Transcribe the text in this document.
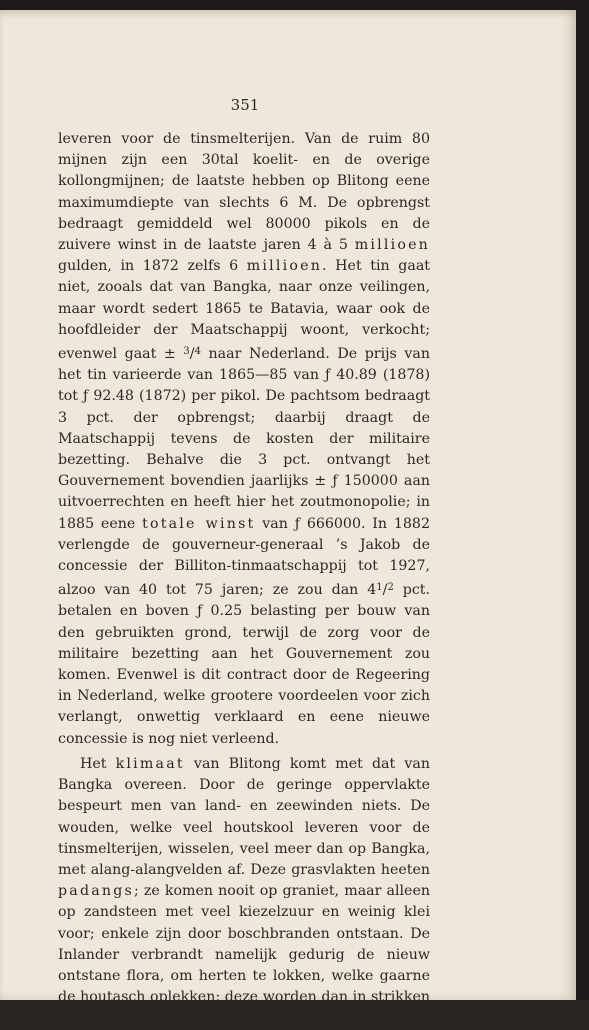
351

leveren voor de tinsmelterijen. Van de ruim 80 mijnen zijn een 30tal koelit- en de overige kollongmijnen; de laatste hebben op Blitong eene maximumdiepte van slechts 6 M. De opbrengst bedraagt gemiddeld wel 80000 pikols en de zuivere winst in de laatste jaren 4 à 5 millioen gulden, in 1872 zelfs 6 millioen. Het tin gaat niet, zooals dat van Bangka, naar onze veilingen, maar wordt sedert 1865 te Batavia, waar ook de hoofdleider der Maatschappij woont, verkocht; evenwel gaat ± $^3$/$^4$ naar Nederland. De prijs van het tin varieerde van 1865—85 van ƒ 40.89 (1878) tot ƒ 92.48 (1872) per pikol. De pachtsom bedraagt 3 pct. der opbrengst; daarbij draagt de Maatschappij tevens de kosten der militaire bezetting. Behalve die 3 pct. ontvangt het Gouvernement bovendien jaarlijks ± ƒ 150000 aan uitvoerrechten en heeft hier het zoutmonopolie; in 1885 eene totale winst van ƒ 666000. In 1882 verlengde de gouverneur-generaal ’s Jakob de concessie der Billiton-tinmaatschappij tot 1927, alzoo van 40 tot 75 jaren; ze zou dan $4^1/^2$ pct. betalen en boven ƒ 0.25 belasting per bouw van den gebruikten grond, terwijl de zorg voor de militaire bezetting aan het Gouvernement zou komen. Evenwel is dit contract door de Regeering in Nederland, welke grootere voordeelen voor zich verlangt, onwettig verklaard en eene nieuwe concessie is nog niet verleend.

Het klimaat van Blitong komt met dat van Bangka overeen. Door de geringe oppervlakte bespeurt men van land- en zeewinden niets. De wouden, welke veel houtskool leveren voor de tinsmelterijen, wisselen, veel meer dan op Bangka, met alang-alangvelden af. Deze grasvlakten heeten padangs; ze komen nooit op graniet, maar alleen op zandsteen met veel kiezelzuur en weinig klei voor; enkele zijn door boschbranden ontstaan. De Inlander verbrandt namelijk gedurig de nieuw ontstane flora, om herten te lokken, welke gaarne de houtasch oplekken; deze worden dan in strikken en netten gevangen. Door
